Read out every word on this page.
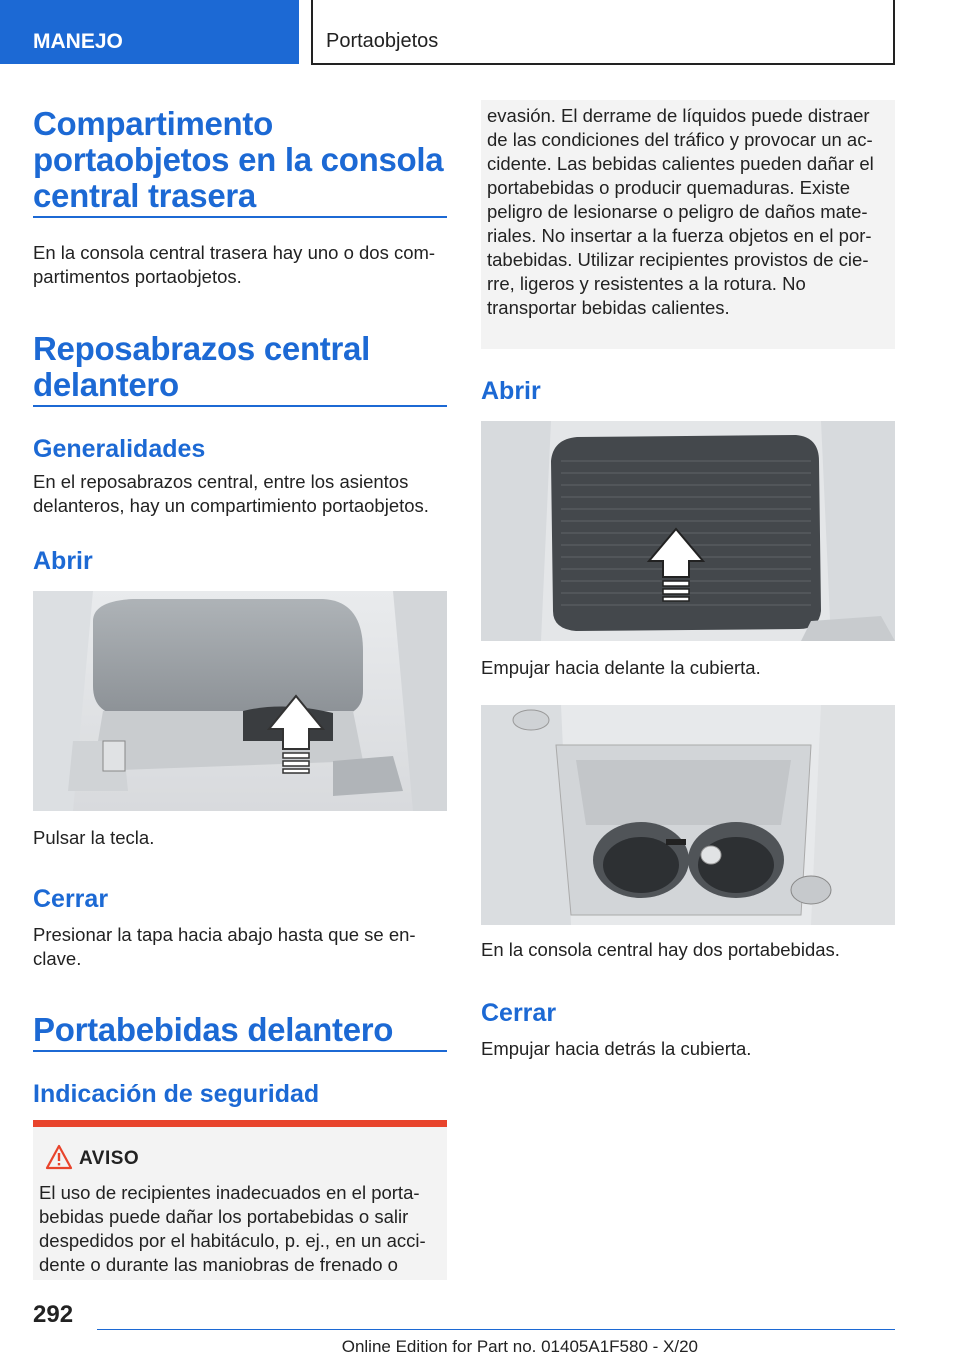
MANEJO	Portaobjetos
Compartimento portaobjetos en la consola central trasera
En la consola central trasera hay uno o dos com-partimentos portaobjetos.
Reposabrazos central delantero
Generalidades
En el reposabrazos central, entre los asientos delanteros, hay un compartimiento portaobjetos.
Abrir
Pulsar la tecla.
Cerrar
Presionar la tapa hacia abajo hasta que se en-clave.
Portabebidas delantero
Indicación de seguridad
AVISO
El uso de recipientes inadecuados en el porta-bebidas puede dañar los portabebidas o salir despedidos por el habitáculo, p. ej., en un acci-dente o durante las maniobras de frenado o
evasión. El derrame de líquidos puede distraer de las condiciones del tráfico y provocar un ac-cidente. Las bebidas calientes pueden dañar el portabebidas o producir quemaduras. Existe peligro de lesionarse o peligro de daños mate-riales. No insertar a la fuerza objetos en el por-tabebidas. Utilizar recipientes provistos de cie-rre, ligeros y resistentes a la rotura. No transportar bebidas calientes.
Abrir
Empujar hacia delante la cubierta.
En la consola central hay dos portabebidas.
Cerrar
Empujar hacia detrás la cubierta.
292
Online Edition for Part no. 01405A1F580 - X/20
